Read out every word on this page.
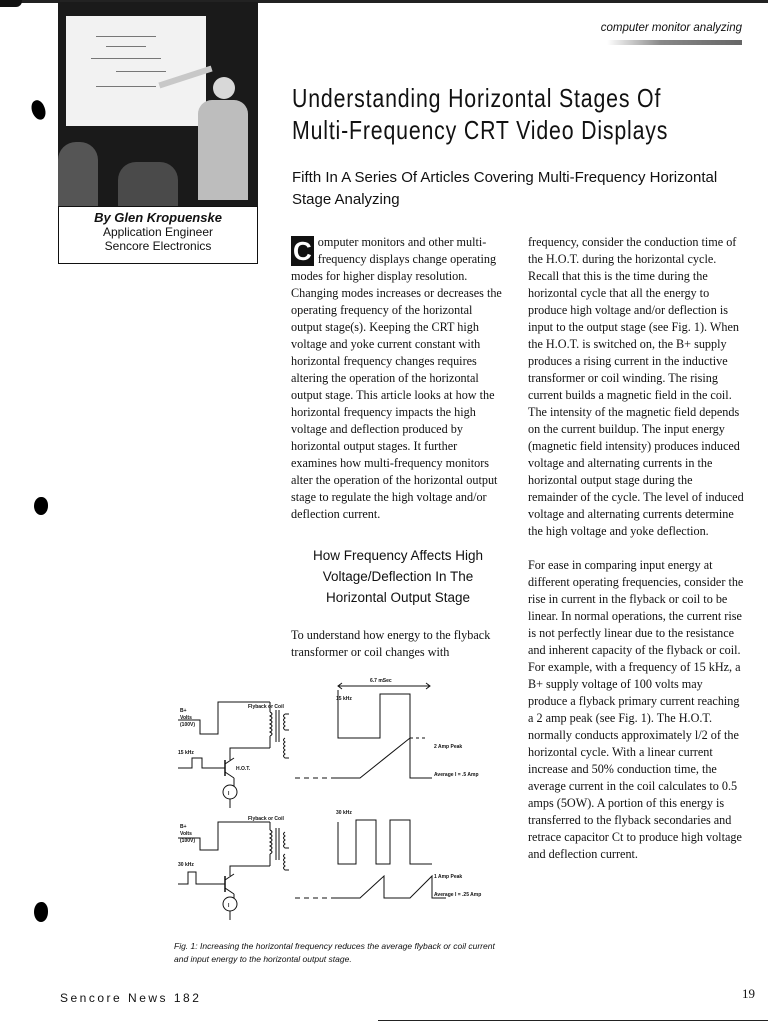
By Glen Kropuenske
Application Engineer
Sencore Electronics
computer monitor analyzing
Understanding Horizontal Stages Of
Multi-Frequency CRT Video Displays
Fifth In A Series Of Articles Covering Multi-Frequency Horizontal Stage Analyzing

C omputer monitors and other multi-frequency displays change operating modes for higher display resolution. Changing modes increases or decreases the operating frequency of the horizontal output stage(s). Keeping the CRT high voltage and yoke current constant with horizontal frequency changes requires altering the operation of the horizontal output stage. This article looks at how the horizontal frequency impacts the high voltage and deflection produced by horizontal output stages. It further examines how multi-frequency monitors alter the operation of the horizontal output stage to regulate the high voltage and/or deflection current.

How Frequency Affects High Voltage/Deflection In The Horizontal Output Stage
To understand how energy to the flyback transformer or coil changes with

frequency, consider the conduction time of the H.O.T. during the horizontal cycle. Recall that this is the time during the horizontal cycle that all the energy to produce high voltage and/or deflection is input to the output stage (see Fig. 1). When the H.O.T. is switched on, the B+ supply produces a rising current in the inductive transformer or coil winding. The rising current builds a magnetic field in the coil. The intensity of the magnetic field depends on the current buildup. The input energy (magnetic field intensity) produces induced voltage and alternating currents in the horizontal output stage during the remainder of the cycle. The level of induced voltage and alternating currents determine the high voltage and yoke deflection.

For ease in comparing input energy at different operating frequencies, consider the rise in current in the flyback or coil to be linear. In normal operations, the current rise is not perfectly linear due to the resistance and inherent capacity of the flyback or coil. For example, with a frequency of 15 kHz, a B+ supply voltage of 100 volts may produce a flyback primary current reaching a 2 amp peak (see Fig. 1). The H.O.T. normally conducts approximately l/2 of the horizontal cycle. With a linear current increase and 50% conduction time, the average current in the coil calculates to 0.5 amps (5OW). A portion of this energy is transferred to the flyback secondaries and retrace capacitor Ct to produce high voltage and deflection current.

6.7 mSec
15 kHz
Flyback or Coil
B+
Volts
(100V)
15 kHz
H.O.T.
2 Amp Peak
Average I = .5 Amp
I
30 kHz
Flyback or Coil
B+
Volts
(100V)
30 kHz
1 Amp Peak
Average I = .25 Amp
I
Fig. 1: Increasing the horizontal frequency reduces the average flyback or coil current and input energy to the horizontal output stage.
Sencore News 182	19
